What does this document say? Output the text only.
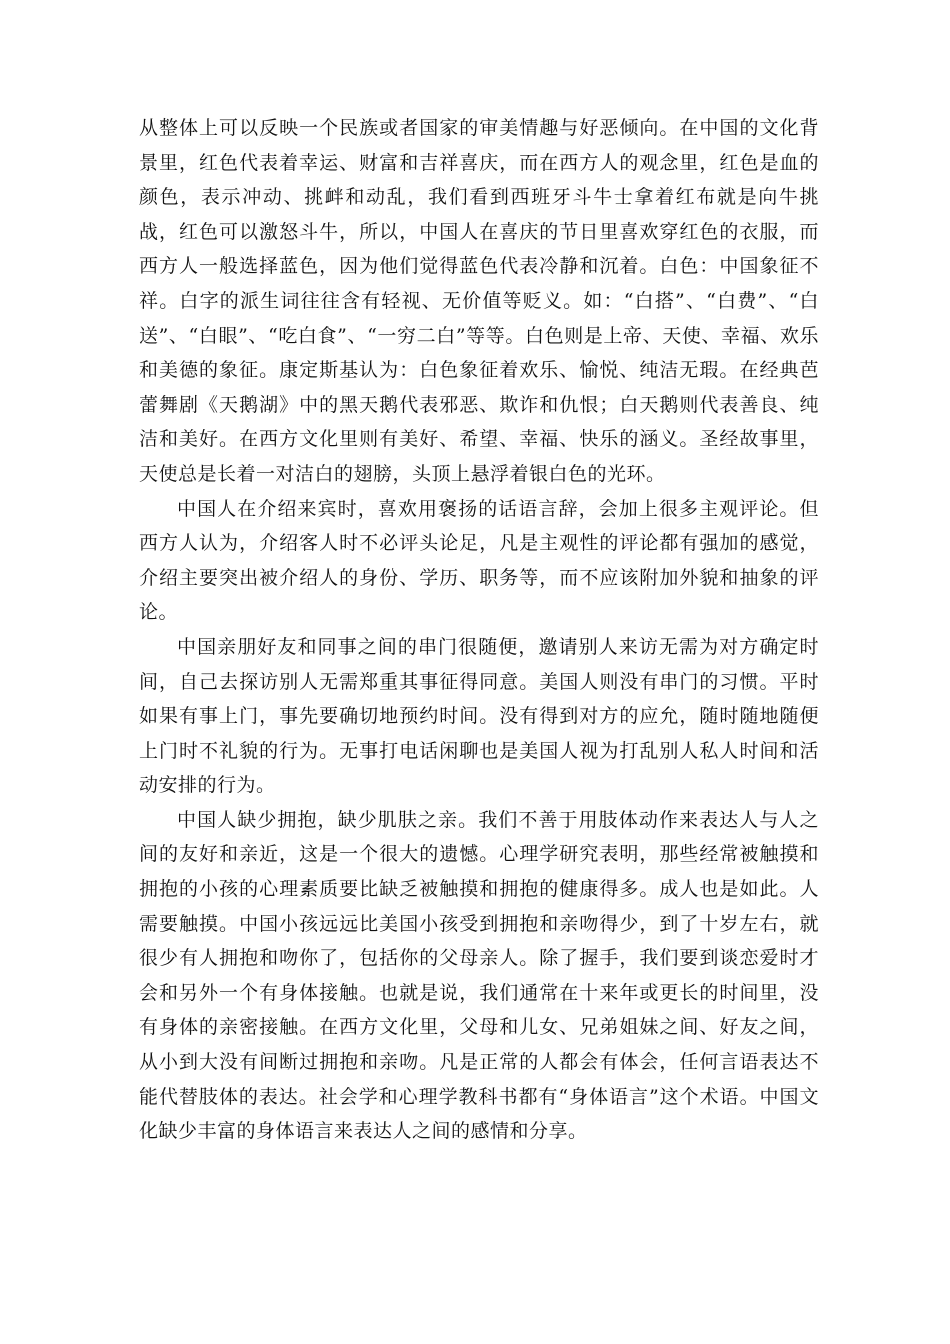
从整体上可以反映一个民族或者国家的审美情趣与好恶倾向。在中国的文化背景里，红色代表着幸运、财富和吉祥喜庆，而在西方人的观念里，红色是血的颜色，表示冲动、挑衅和动乱，我们看到西班牙斗牛士拿着红布就是向牛挑战，红色可以激怒斗牛，所以，中国人在喜庆的节日里喜欢穿红色的衣服，而西方人一般选择蓝色，因为他们觉得蓝色代表冷静和沉着。白色：中国象征不祥。白字的派生词往往含有轻视、无价值等贬义。如：“白搭”、“白费”、“白送”、“白眼”、“吃白食”、“一穷二白”等等。白色则是上帝、天使、幸福、欢乐和美德的象征。康定斯基认为：白色象征着欢乐、愉悦、纯洁无瑕。在经典芭蕾舞剧《天鹅湖》中的黑天鹅代表邪恶、欺诈和仇恨；白天鹅则代表善良、纯洁和美好。在西方文化里则有美好、希望、幸福、快乐的涵义。圣经故事里，天使总是长着一对洁白的翅膀，头顶上悬浮着银白色的光环。

中国人在介绍来宾时，喜欢用褒扬的话语言辞，会加上很多主观评论。但西方人认为，介绍客人时不必评头论足，凡是主观性的评论都有强加的感觉，介绍主要突出被介绍人的身份、学历、职务等，而不应该附加外貌和抽象的评论。

中国亲朋好友和同事之间的串门很随便，邀请别人来访无需为对方确定时间，自己去探访别人无需郑重其事征得同意。美国人则没有串门的习惯。平时如果有事上门，事先要确切地预约时间。没有得到对方的应允，随时随地随便上门时不礼貌的行为。无事打电话闲聊也是美国人视为打乱别人私人时间和活动安排的行为。

中国人缺少拥抱，缺少肌肤之亲。我们不善于用肢体动作来表达人与人之间的友好和亲近，这是一个很大的遗憾。心理学研究表明，那些经常被触摸和拥抱的小孩的心理素质要比缺乏被触摸和拥抱的健康得多。成人也是如此。人需要触摸。中国小孩远远比美国小孩受到拥抱和亲吻得少，到了十岁左右，就很少有人拥抱和吻你了，包括你的父母亲人。除了握手，我们要到谈恋爱时才会和另外一个有身体接触。也就是说，我们通常在十来年或更长的时间里，没有身体的亲密接触。在西方文化里，父母和儿女、兄弟姐妹之间、好友之间，从小到大没有间断过拥抱和亲吻。凡是正常的人都会有体会，任何言语表达不能代替肢体的表达。社会学和心理学教科书都有“身体语言”这个术语。中国文化缺少丰富的身体语言来表达人之间的感情和分享。
